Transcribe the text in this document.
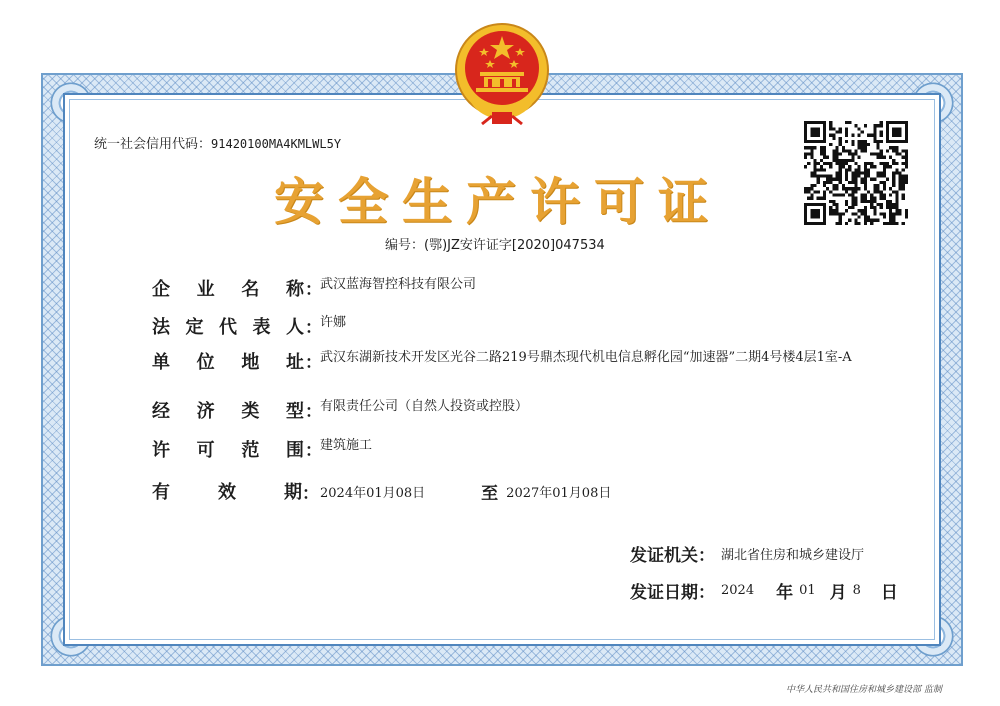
统一社会信用代码：91420100MA4KMLWL5Y
安全生产许可证
编号：(鄂)JZ安许证字[2020]047534
企 业 名 称 ：
武汉蓝海智控科技有限公司
法 定 代 表 人 ：
许娜
单 位 地 址 ：
武汉东湖新技术开发区光谷二路219号鼎杰现代机电信息孵化园“加速器”二期4号楼4层1室-A
经 济 类 型 ：
有限责任公司（自然人投资或控股）
许 可 范 围 ：
建筑施工
有	效	期 ： 2024年01月08日	至 2027年01月08日
发证机关： 湖北省住房和城乡建设厅
发证日期： 2024 年 01 月 8 日
中华人民共和国住房和城乡建设部 监制
